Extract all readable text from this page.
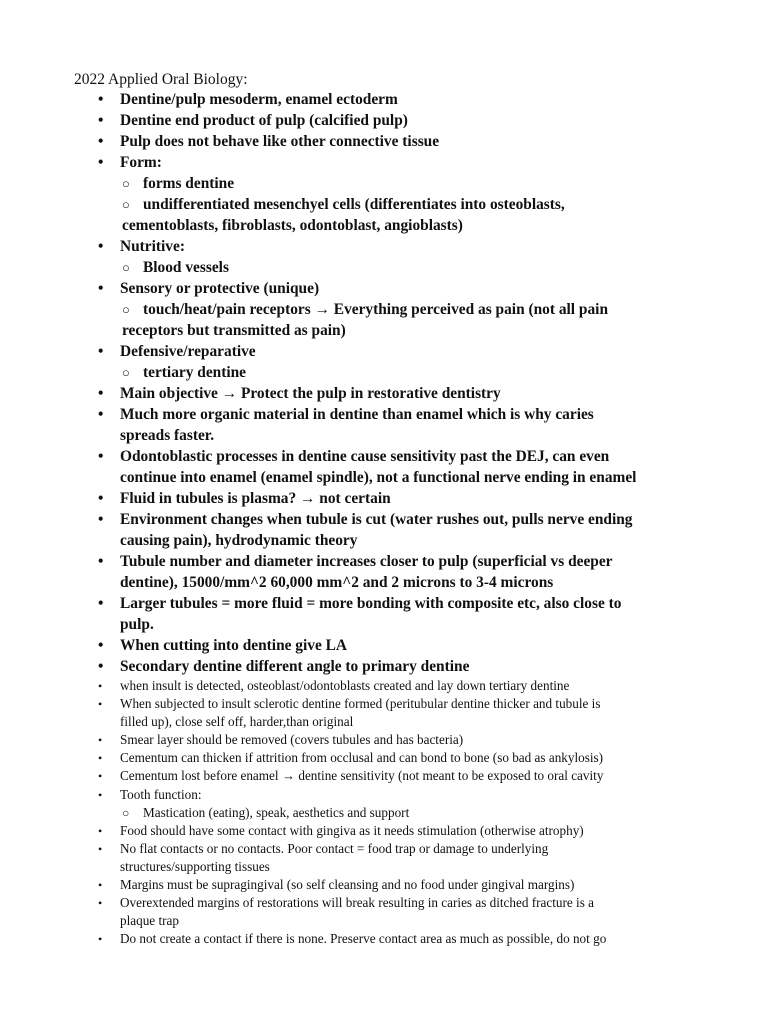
2022 Applied Oral Biology:
• Dentine/pulp mesoderm, enamel ectoderm
• Dentine end product of pulp (calcified pulp)
• Pulp does not behave like other connective tissue
• Form:
○ forms dentine
○ undifferentiated mesenchyel cells (differentiates into osteoblasts,
cementoblasts, fibroblasts, odontoblast, angioblasts)
• Nutritive:
○ Blood vessels
• Sensory or protective (unique)
○ touch/heat/pain receptors → Everything perceived as pain (not all pain
receptors but transmitted as pain)
• Defensive/reparative
○ tertiary dentine
• Main objective → Protect the pulp in restorative dentistry
• Much more organic material in dentine than enamel which is why caries
spreads faster.
• Odontoblastic processes in dentine cause sensitivity past the DEJ, can even
continue into enamel (enamel spindle), not a functional nerve ending in enamel
• Fluid in tubules is plasma? → not certain
• Environment changes when tubule is cut (water rushes out, pulls nerve ending
causing pain), hydrodynamic theory
• Tubule number and diameter increases closer to pulp (superficial vs deeper
dentine), 15000/mm^2 60,000 mm^2 and 2 microns to 3-4 microns
• Larger tubules = more fluid = more bonding with composite etc, also close to
pulp.
• When cutting into dentine give LA
• Secondary dentine different angle to primary dentine
• when insult is detected, osteoblast/odontoblasts created and lay down tertiary dentine
• When subjected to insult sclerotic dentine formed (peritubular dentine thicker and tubule is
filled up), close self off, harder,than original
• Smear layer should be removed (covers tubules and has bacteria)
• Cementum can thicken if attrition from occlusal and can bond to bone (so bad as ankylosis)
• Cementum lost before enamel → dentine sensitivity (not meant to be exposed to oral cavity
• Tooth function:
○ Mastication (eating), speak, aesthetics and support
• Food should have some contact with gingiva as it needs stimulation (otherwise atrophy)
• No flat contacts or no contacts. Poor contact = food trap or damage to underlying
structures/supporting tissues
• Margins must be supragingival (so self cleansing and no food under gingival margins)
• Overextended margins of restorations will break resulting in caries as ditched fracture is a
plaque trap
• Do not create a contact if there is none. Preserve contact area as much as possible, do not go
